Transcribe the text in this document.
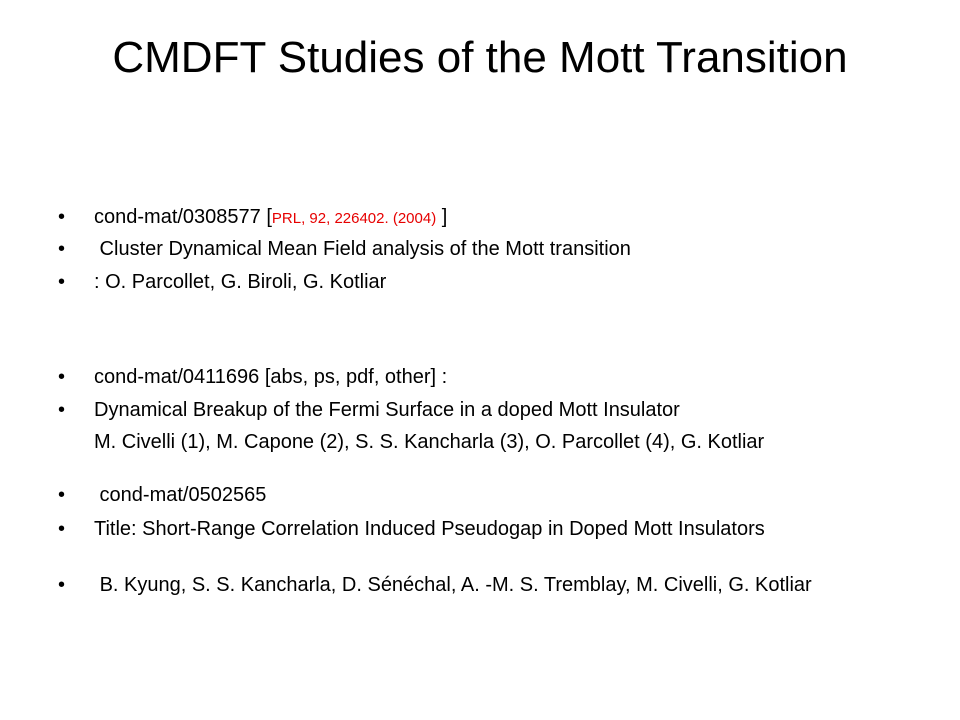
CMDFT Studies of the Mott Transition
• cond-mat/0308577 [PRL, 92, 226402. (2004) ]
• Cluster Dynamical Mean Field analysis of the Mott transition
• : O. Parcollet, G. Biroli, G. Kotliar
• cond-mat/0411696 [abs, ps, pdf, other] :
• Dynamical Breakup of the Fermi Surface in a doped Mott Insulator
M. Civelli (1), M. Capone (2), S. S. Kancharla (3), O. Parcollet (4), G. Kotliar
• cond-mat/0502565
• Title: Short-Range Correlation Induced Pseudogap in Doped Mott Insulators
• B. Kyung, S. S. Kancharla, D. Sénéchal, A. -M. S. Tremblay, M. Civelli, G. Kotliar
